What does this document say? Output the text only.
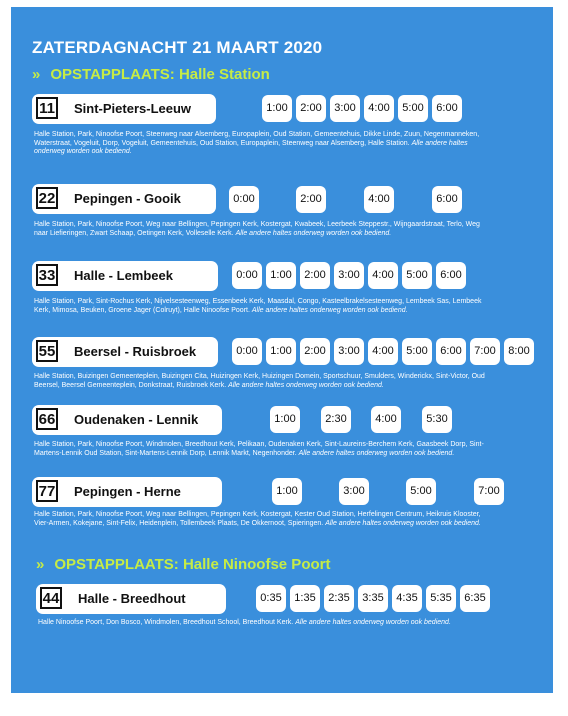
ZATERDAGNACHT 21 MAART 2020
» OPSTAPPLAATS: Halle Station
» OPSTAPPLAATS: Halle Ninoofse Poort
11 Sint-Pieters-Leeuw	1:00	2:00	3:00	4:00	5:00	6:00
Halle Station, Park, Ninoofse Poort, Steenweg naar Alsemberg, Europaplein, Oud Station, Gemeentehuis, Dikke Linde, Zuun, Negenmanneken, Waterstraat, Vogeluit, Dorp, Vogeluit, Gemeentehuis, Oud Station, Europaplein, Steenweg naar Alsemberg, Halle Station. Alle andere haltes onderweg worden ook bediend.
22 Pepingen - Gooik	0:00	2:00	4:00	6:00
Halle Station, Park, Ninoofse Poort, Weg naar Bellingen, Pepingen Kerk, Kostergat, Kwabeek, Leerbeek Steppestr., Wijngaardstraat, Terlo, Weg naar Liefieringen, Zwart Schaap, Oetingen Kerk, Volleselle Kerk. Alle andere haltes onderweg worden ook bediend.
33 Halle - Lembeek	0:00	1:00	2:00	3:00	4:00	5:00	6:00
Halle Station, Park, Sint-Rochus Kerk, Nijvelsesteenweg, Essenbeek Kerk, Maasdal, Congo, Kasteelbrakelsesteenweg, Lembeek Sas, Lembeek Kerk, Mimosa, Beuken, Groene Jager (Colruyt), Halle Ninoofse Poort. Alle andere haltes onderweg worden ook bediend.
55 Beersel - Ruisbroek	0:00	1:00	2:00	3:00	4:00	5:00	6:00	7:00	8:00
Halle Station, Buizingen Gemeenteplein, Buizingen Cita, Huizingen Kerk, Huizingen Domein, Sportschuur, Smulders, Winderickx, Sint-Victor, Oud Beersel, Beersel Gemeenteplein, Donkstraat, Ruisbroek Kerk. Alle andere haltes onderweg worden ook bediend.
66 Oudenaken - Lennik	1:00	2:30	4:00	5:30
Halle Station, Park, Ninoofse Poort, Windmolen, Breedhout Kerk, Pelikaan, Oudenaken Kerk, Sint-Laureins-Berchem Kerk, Gaasbeek Dorp, Sint-Martens-Lennik Oud Station, Sint-Martens-Lennik Dorp, Lennik Markt, Negenhonder. Alle andere haltes onderweg worden ook bediend.
77 Pepingen - Herne	1:00	3:00	5:00	7:00
Halle Station, Park, Ninoofse Poort, Weg naar Bellingen, Pepingen Kerk, Kostergat, Kester Oud Station, Herfelingen Centrum, Heikruis Klooster, Vier-Armen, Kokejane, Sint-Felix, Heidenplein, Tollembeek Plaats, De Okkernoot, Spieringen. Alle andere haltes onderweg worden ook bediend.
44 Halle - Breedhout	0:35	1:35	2:35	3:35	4:35	5:35	6:35
Halle Ninoofse Poort, Don Bosco, Windmolen, Breedhout School, Breedhout Kerk. Alle andere haltes onderweg worden ook bediend.
